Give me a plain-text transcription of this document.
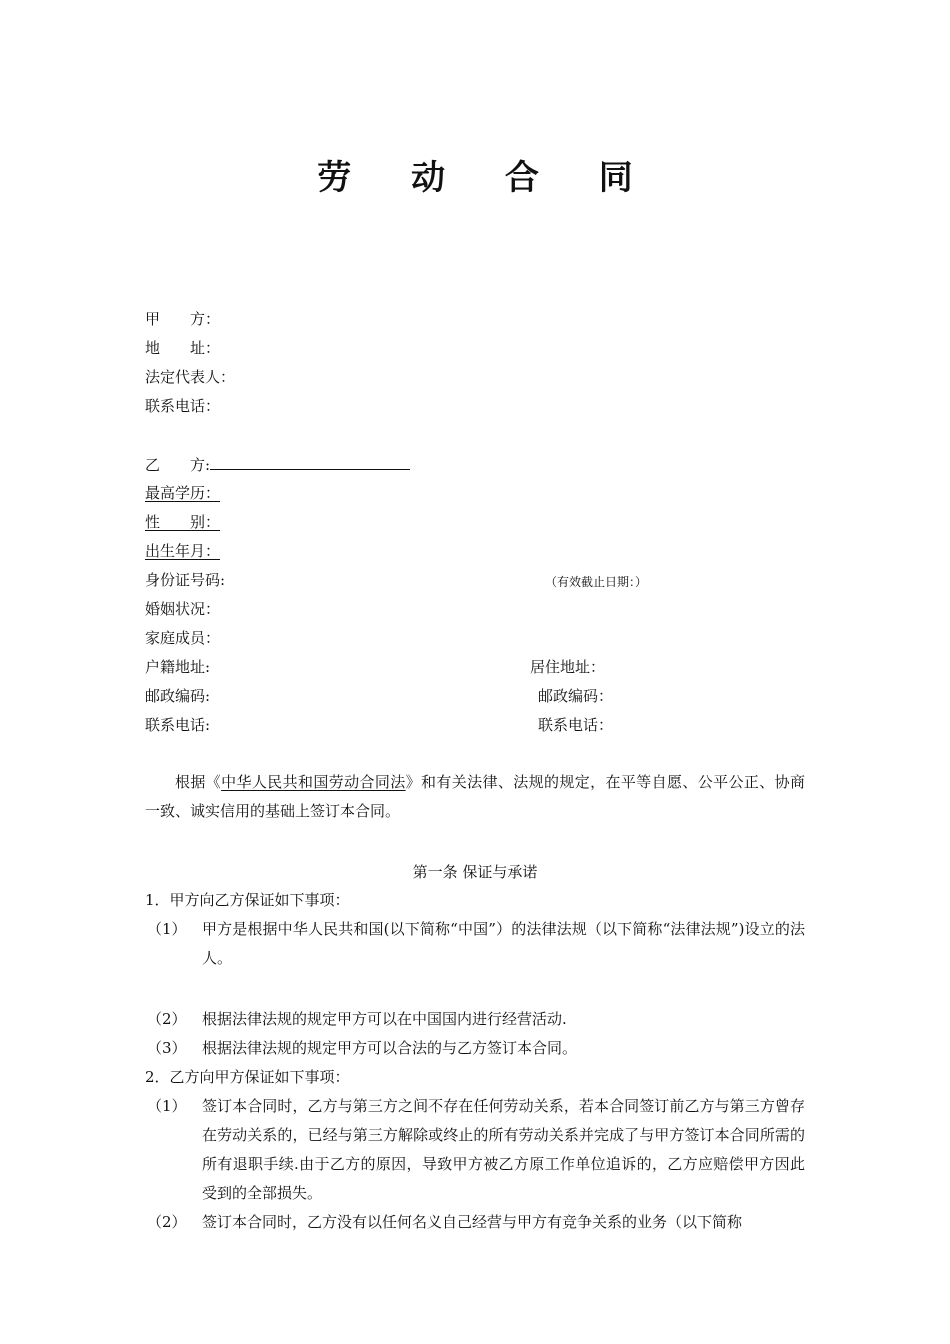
劳 动 合 同
甲　　方：
地　　址：
法定代表人：
联系电话：
乙　　方:
最高学历：
性　　别：
出生年月：
身份证号码:	（有效截止日期：）
婚姻状况：
家庭成员：
户籍地址:	居住地址：
邮政编码:	邮政编码：
联系电话:	联系电话：
根据《中华人民共和国劳动合同法》和有关法律、法规的规定，在平等自愿、公平公正、协商一致、诚实信用的基础上签订本合同。
第一条 保证与承诺
1．甲方向乙方保证如下事项：
（1） 甲方是根据中华人民共和国(以下简称“中国”）的法律法规（以下简称“法律法规”)设立的法人。
（2） 根据法律法规的规定甲方可以在中国国内进行经营活动.
（3） 根据法律法规的规定甲方可以合法的与乙方签订本合同。
2．乙方向甲方保证如下事项：
（1） 签订本合同时，乙方与第三方之间不存在任何劳动关系，若本合同签订前乙方与第三方曾存在劳动关系的，已经与第三方解除或终止的所有劳动关系并完成了与甲方签订本合同所需的所有退职手续.由于乙方的原因，导致甲方被乙方原工作单位追诉的，乙方应赔偿甲方因此受到的全部损失。
（2） 签订本合同时，乙方没有以任何名义自己经营与甲方有竞争关系的业务（以下简称
